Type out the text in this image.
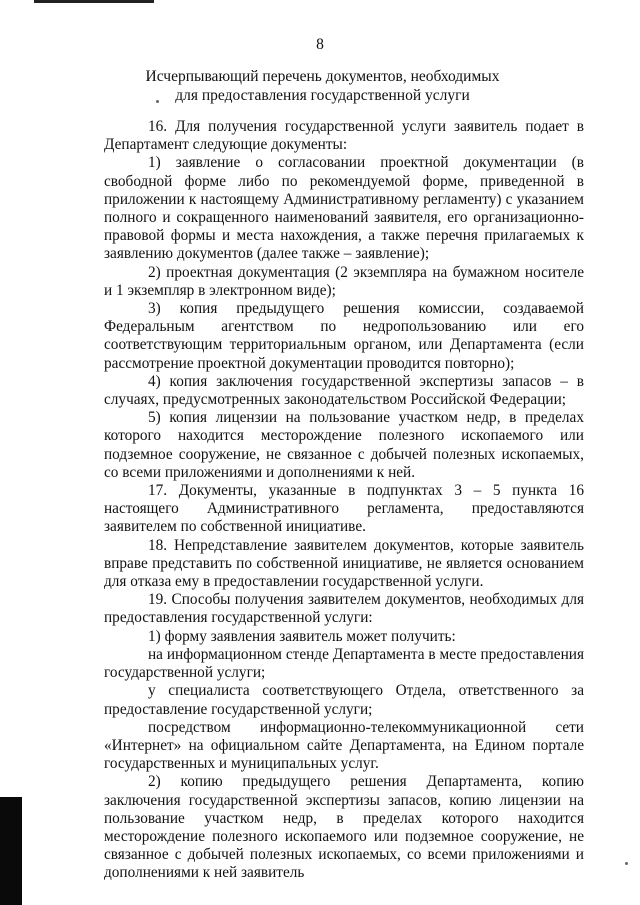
8
Исчерпывающий перечень документов, необходимых
для предоставления государственной услуги

16. Для получения государственной услуги заявитель подает в Департамент следующие документы:

1) заявление о согласовании проектной документации (в свободной форме либо по рекомендуемой форме, приведенной в приложении к настоящему Административному регламенту) с указанием полного и сокращенного наименований заявителя, его организационно-правовой формы и места нахождения, а также перечня прилагаемых к заявлению документов (далее также – заявление);

2) проектная документация (2 экземпляра на бумажном носителе и 1 экземпляр в электронном виде);

3) копия предыдущего решения комиссии, создаваемой Федеральным агентством по недропользованию или его соответствующим территориальным органом, или Департамента (если рассмотрение проектной документации проводится повторно);

4) копия заключения государственной экспертизы запасов – в случаях, предусмотренных законодательством Российской Федерации;

5) копия лицензии на пользование участком недр, в пределах которого находится месторождение полезного ископаемого или подземное сооружение, не связанное с добычей полезных ископаемых, со всеми приложениями и дополнениями к ней.

17. Документы, указанные в подпунктах 3 – 5 пункта 16 настоящего Административного регламента, предоставляются заявителем по собственной инициативе.

18. Непредставление заявителем документов, которые заявитель вправе представить по собственной инициативе, не является основанием для отказа ему в предоставлении государственной услуги.

19. Способы получения заявителем документов, необходимых для предоставления государственной услуги:

1) форму заявления заявитель может получить:

на информационном стенде Департамента в месте предоставления государственной услуги;

у специалиста соответствующего Отдела, ответственного за предоставление государственной услуги;

посредством информационно-телекоммуникационной сети «Интернет» на официальном сайте Департамента, на Едином портале государственных и муниципальных услуг.

2) копию предыдущего решения Департамента, копию заключения государственной экспертизы запасов, копию лицензии на пользование участком недр, в пределах которого находится месторождение полезного ископаемого или подземное сооружение, не связанное с добычей полезных ископаемых, со всеми приложениями и дополнениями к ней заявитель
